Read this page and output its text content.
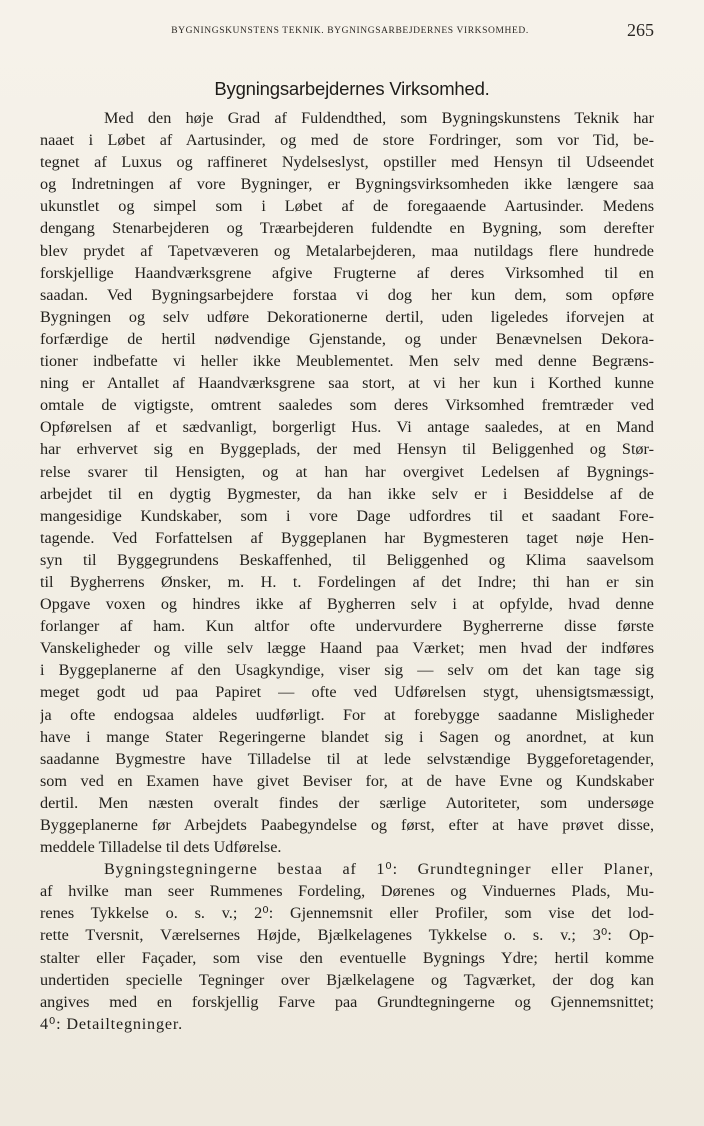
BYGNINGSKUNSTENS TEKNIK. BYGNINGSARBEJDERNES VIRKSOMHED.	265
Bygningsarbejdernes Virksomhed.
Med den høje Grad af Fuldendthed, som Bygningskunstens Teknik har
naaet i Løbet af Aartusinder, og med de store Fordringer, som vor Tid, be-
tegnet af Luxus og raffineret Nydelseslyst, opstiller med Hensyn til Udseendet
og Indretningen af vore Bygninger, er Bygningsvirksomheden ikke længere saa
ukunstlet og simpel som i Løbet af de foregaaende Aartusinder. Medens
dengang Stenarbejderen og Træarbejderen fuldendte en Bygning, som derefter
blev prydet af Tapetvæveren og Metalarbejderen, maa nutildags flere hundrede
forskjellige Haandværksgrene afgive Frugterne af deres Virksomhed til en
saadan. Ved Bygningsarbejdere forstaa vi dog her kun dem, som opføre
Bygningen og selv udføre Dekorationerne dertil, uden ligeledes iforvejen at
forfærdige de hertil nødvendige Gjenstande, og under Benævnelsen Dekora-
tioner indbefatte vi heller ikke Meublementet. Men selv med denne Begræns-
ning er Antallet af Haandværksgrene saa stort, at vi her kun i Korthed kunne
omtale de vigtigste, omtrent saaledes som deres Virksomhed fremtræder ved
Opførelsen af et sædvanligt, borgerligt Hus. Vi antage saaledes, at en Mand
har erhvervet sig en Byggeplads, der med Hensyn til Beliggenhed og Stør-
relse svarer til Hensigten, og at han har overgivet Ledelsen af Bygnings-
arbejdet til en dygtig Bygmester, da han ikke selv er i Besiddelse af de
mangesidige Kundskaber, som i vore Dage udfordres til et saadant Fore-
tagende. Ved Forfattelsen af Byggeplanen har Bygmesteren taget nøje Hen-
syn til Byggegrundens Beskaffenhed, til Beliggenhed og Klima saavelsom
til Bygherrens Ønsker, m. H. t. Fordelingen af det Indre; thi han er sin
Opgave voxen og hindres ikke af Bygherren selv i at opfylde, hvad denne
forlanger af ham. Kun altfor ofte undervurdere Bygherrerne disse første
Vanskeligheder og ville selv lægge Haand paa Værket; men hvad der indføres
i Byggeplanerne af den Usagkyndige, viser sig — selv om det kan tage sig
meget godt ud paa Papiret — ofte ved Udførelsen stygt, uhensigtsmæssigt,
ja ofte endogsaa aldeles uudførligt. For at forebygge saadanne Misligheder
have i mange Stater Regeringerne blandet sig i Sagen og anordnet, at kun
saadanne Bygmestre have Tilladelse til at lede selvstændige Byggeforetagender,
som ved en Examen have givet Beviser for, at de have Evne og Kundskaber
dertil. Men næsten overalt findes der særlige Autoriteter, som undersøge
Byggeplanerne før Arbejdets Paabegyndelse og først, efter at have prøvet disse,
meddele Tilladelse til dets Udførelse.
Bygningstegningerne bestaa af 1⁰: Grundtegninger eller Planer,
af hvilke man seer Rummenes Fordeling, Dørenes og Vinduernes Plads, Mu-
renes Tykkelse o. s. v.; 2⁰: Gjennemsnit eller Profiler, som vise det lod-
rette Tversnit, Værelsernes Højde, Bjælkelagenes Tykkelse o. s. v.; 3⁰: Op-
stalter eller Façader, som vise den eventuelle Bygnings Ydre; hertil komme
undertiden specielle Tegninger over Bjælkelagene og Tagværket, der dog kan
angives med en forskjellig Farve paa Grundtegningerne og Gjennemsnittet;
4⁰: Detailtegninger.
